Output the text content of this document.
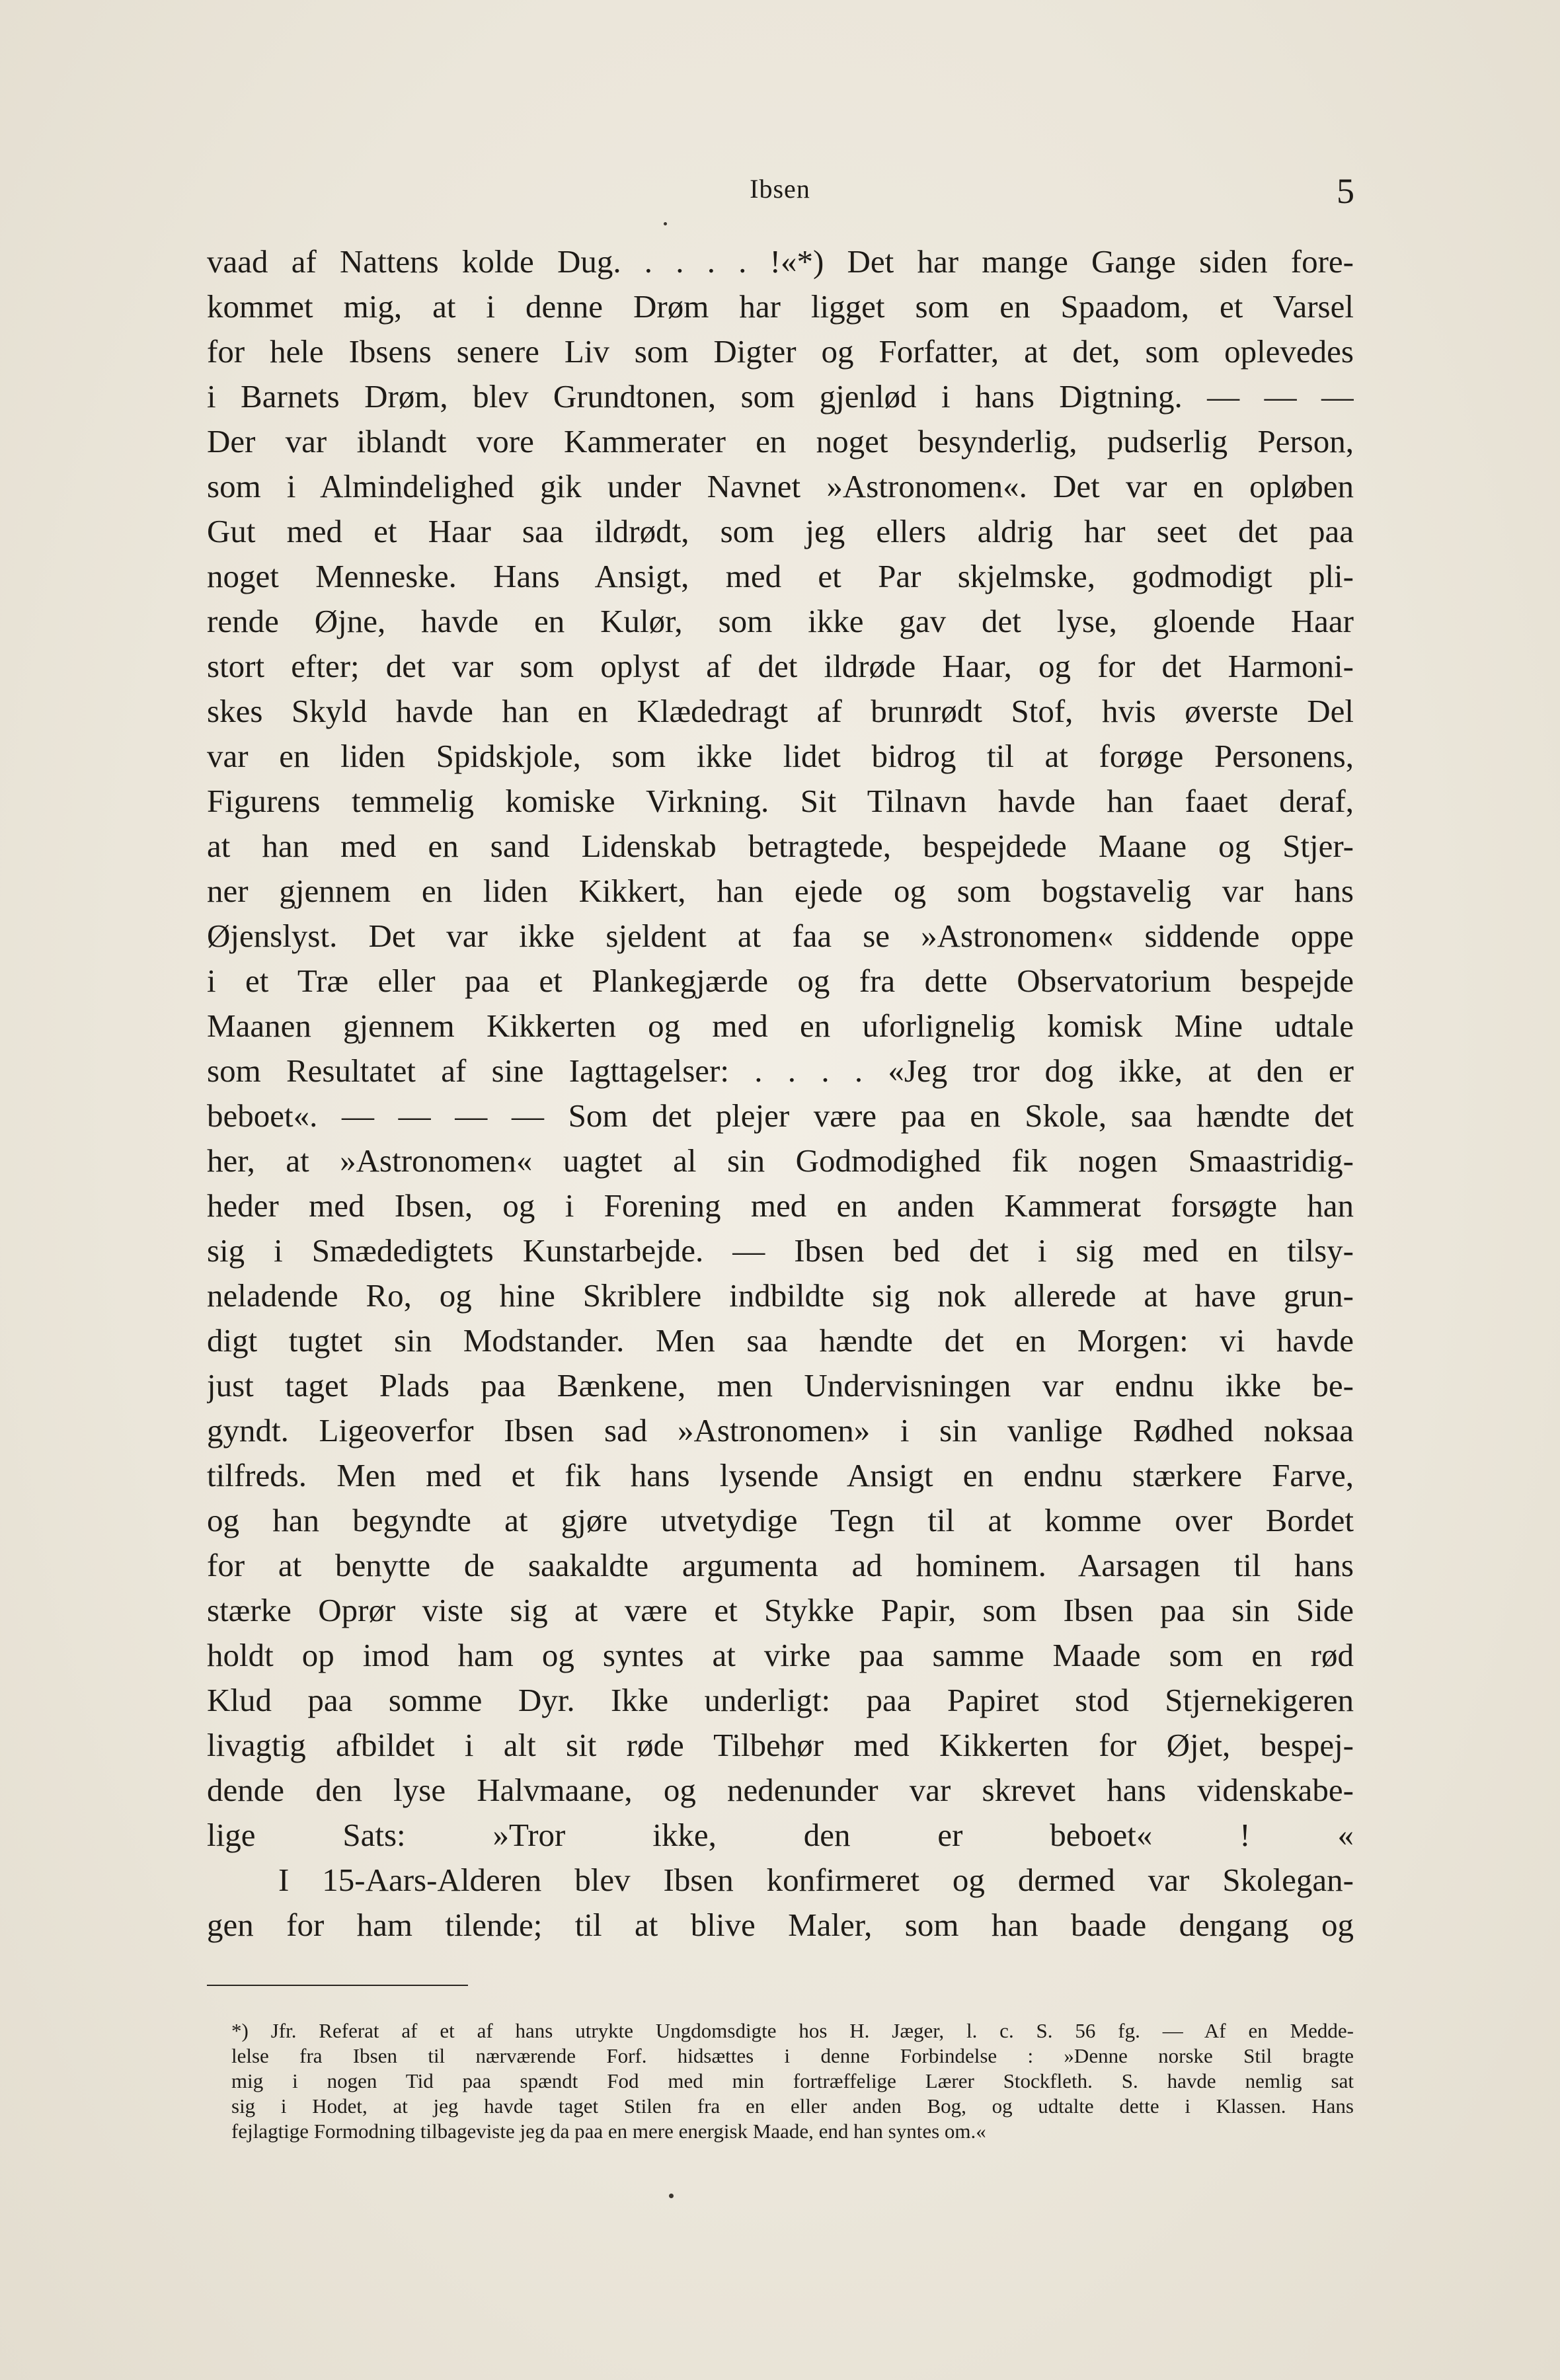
Ibsen	5
vaad af Nattens kolde Dug. . . . . !«*) Det har mange Gange siden fore-
kommet mig, at i denne Drøm har ligget som en Spaadom, et Varsel
for hele Ibsens senere Liv som Digter og Forfatter, at det, som oplevedes
i Barnets Drøm, blev Grundtonen, som gjenlød i hans Digtning. — — —
Der var iblandt vore Kammerater en noget besynderlig, pudserlig Person,
som i Almindelighed gik under Navnet »Astronomen«. Det var en opløben
Gut med et Haar saa ildrødt, som jeg ellers aldrig har seet det paa
noget Menneske. Hans Ansigt, med et Par skjelmske, godmodigt pli-
rende Øjne, havde en Kulør, som ikke gav det lyse, gloende Haar
stort efter; det var som oplyst af det ildrøde Haar, og for det Harmoni-
skes Skyld havde han en Klædedragt af brunrødt Stof, hvis øverste Del
var en liden Spidskjole, som ikke lidet bidrog til at forøge Personens,
Figurens temmelig komiske Virkning. Sit Tilnavn havde han faaet deraf,
at han med en sand Lidenskab betragtede, bespejdede Maane og Stjer-
ner gjennem en liden Kikkert, han ejede og som bogstavelig var hans
Øjenslyst. Det var ikke sjeldent at faa se »Astronomen« siddende oppe
i et Træ eller paa et Plankegjærde og fra dette Observatorium bespejde
Maanen gjennem Kikkerten og med en uforlignelig komisk Mine udtale
som Resultatet af sine Iagttagelser: . . . . «Jeg tror dog ikke, at den er
beboet«. — — — — Som det plejer være paa en Skole, saa hændte det
her, at »Astronomen« uagtet al sin Godmodighed fik nogen Smaastridig-
heder med Ibsen, og i Forening med en anden Kammerat forsøgte han
sig i Smædedigtets Kunstarbejde. — Ibsen bed det i sig med en tilsy-
neladende Ro, og hine Skriblere indbildte sig nok allerede at have grun-
digt tugtet sin Modstander. Men saa hændte det en Morgen: vi havde
just taget Plads paa Bænkene, men Undervisningen var endnu ikke be-
gyndt. Ligeoverfor Ibsen sad »Astronomen» i sin vanlige Rødhed noksaa
tilfreds. Men med et fik hans lysende Ansigt en endnu stærkere Farve,
og han begyndte at gjøre utvetydige Tegn til at komme over Bordet
for at benytte de saakaldte argumenta ad hominem. Aarsagen til hans
stærke Oprør viste sig at være et Stykke Papir, som Ibsen paa sin Side
holdt op imod ham og syntes at virke paa samme Maade som en rød
Klud paa somme Dyr. Ikke underligt: paa Papiret stod Stjernekigeren
livagtig afbildet i alt sit røde Tilbehør med Kikkerten for Øjet, bespej-
dende den lyse Halvmaane, og nedenunder var skrevet hans videnskabe-
lige Sats: »Tror ikke, den er beboet« ! «
I 15-Aars-Alderen blev Ibsen konfirmeret og dermed var Skolegan-
gen for ham tilende; til at blive Maler, som han baade dengang og
*) Jfr. Referat af et af hans utrykte Ungdomsdigte hos H. Jæger, l. c. S. 56 fg. — Af en Medde-
lelse fra Ibsen til nærværende Forf. hidsættes i denne Forbindelse : »Denne norske Stil bragte
mig i nogen Tid paa spændt Fod med min fortræffelige Lærer Stockfleth. S. havde nemlig sat
sig i Hodet, at jeg havde taget Stilen fra en eller anden Bog, og udtalte dette i Klassen. Hans
fejlagtige Formodning tilbageviste jeg da paa en mere energisk Maade, end han syntes om.«
